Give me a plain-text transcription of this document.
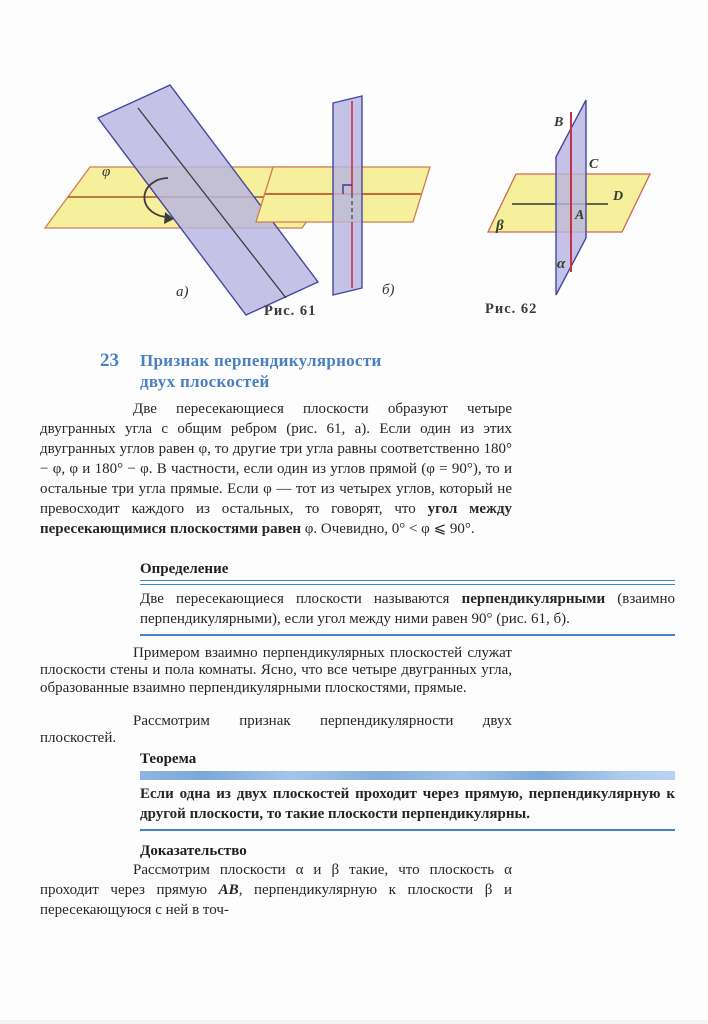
φ
а)	б)
B
C
D
A
β
α
Рис. 61	Рис. 62
23 Признак перпендикулярности
двух плоскостей

Две пересекающиеся плоскости образуют четыре двугранных угла с общим ребром (рис. 61, а). Если один из этих двугранных углов равен φ, то другие три угла равны соответственно 180° − φ, φ и 180° − φ. В частности, если один из углов прямой (φ = 90°), то и остальные три угла прямые. Если φ — тот из четырех углов, который не превосходит каждого из остальных, то говорят, что угол между пересекающимися плоскостями равен φ. Очевидно, 0° < φ ⩽ 90°.

Определение

Две пересекающиеся плоскости называются перпендикулярными (взаимно перпендикулярными), если угол между ними равен 90° (рис. 61, б).

Примером взаимно перпендикулярных плоскостей служат плоскости стены и пола комнаты. Ясно, что все четыре двугранных угла, образованные взаимно перпендикулярными плоскостями, прямые.

Рассмотрим признак перпендикулярности двух плоскостей.

Теорема

Если одна из двух плоскостей проходит через прямую, перпендикулярную к другой плоскости, то такие плоскости перпендикулярны.

Доказательство

Рассмотрим плоскости α и β такие, что плоскость α проходит через прямую AB, перпендикулярную к плоскости β и пересекающуюся с ней в точ-
